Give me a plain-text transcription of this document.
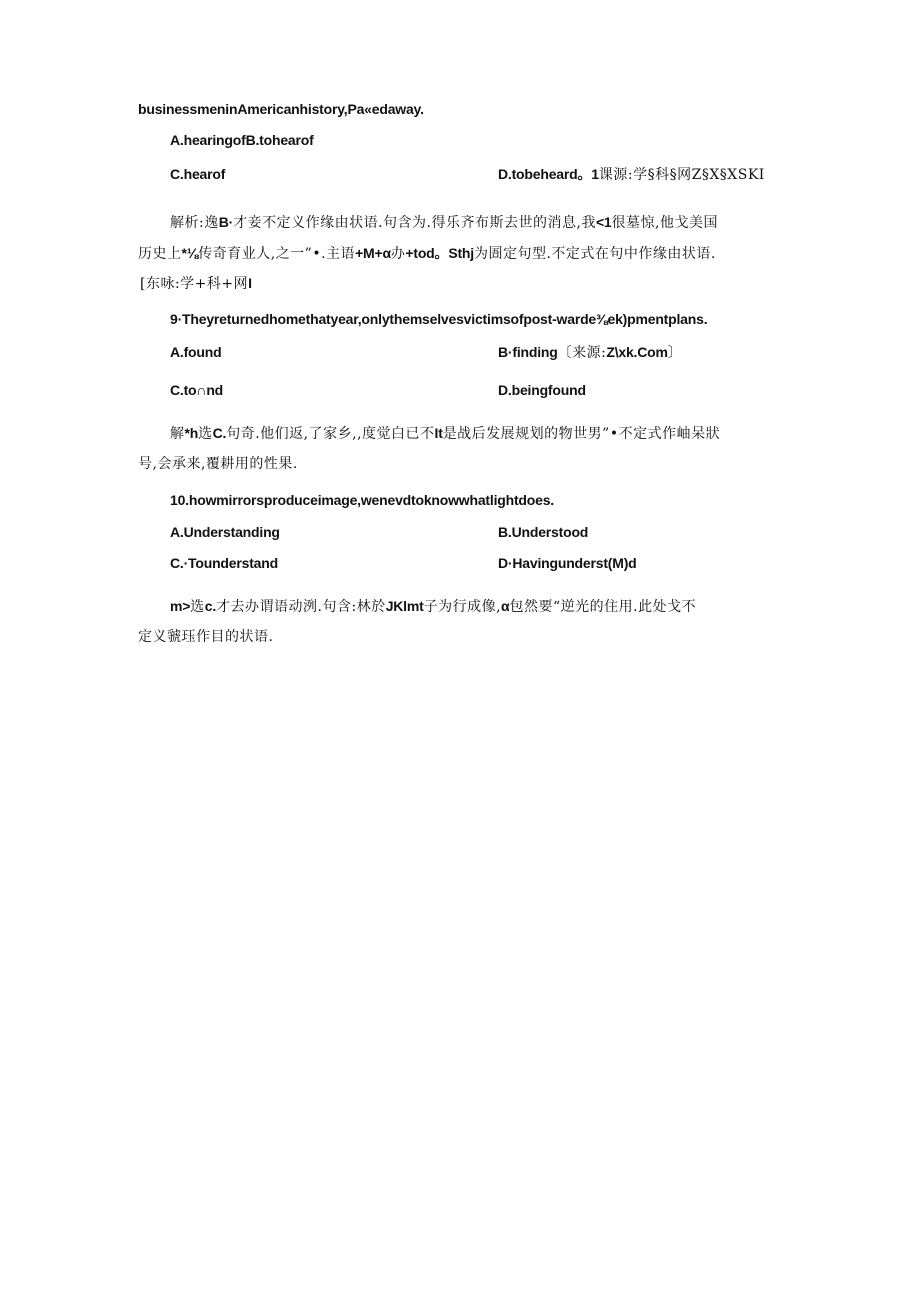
businessmeninAmericanhistory,Pa«edaway.
A.hearingofB.tohearof
C.hearof	D.tobeheard。1课源:学§科§网Z§X§XSKI
解析:逸B·才妾不定义作缘由状语.句含为.得乐齐布斯去世的消息,我<1很墓惊,他戈美国
历史上*⅛传奇育业人,之一”•.主语+M+α办+tod。Sthj为圄定句型.不定式在句中作缘由状语.
[东咏:学+科+网I
9·Theyreturnedhomethatyear,onlythemselvesvictimsofpost-warde⅜ek)pmentplans.
A.found	B·finding〔来源:Z\xk.Com〕
C.to∩nd	D.beingfound
解*h选C.句奇.他们返,了家乡,,度觉白已不It是战后发展规划的物世男”•不定式作岫呆狀
号,会承来,覆耕用的性果.
10.howmirrorsproduceimage,wenevdtoknowwhatlightdoes.
A.Understanding	B.Understood
C.·Tounderstand	D·Havingunderst(M)d
m>选c.才去办谓语动洌.句含:林於JKlmt子为行成像,α包然要“逆光的住用.此处戈不
定义虢珏作目的状语.
